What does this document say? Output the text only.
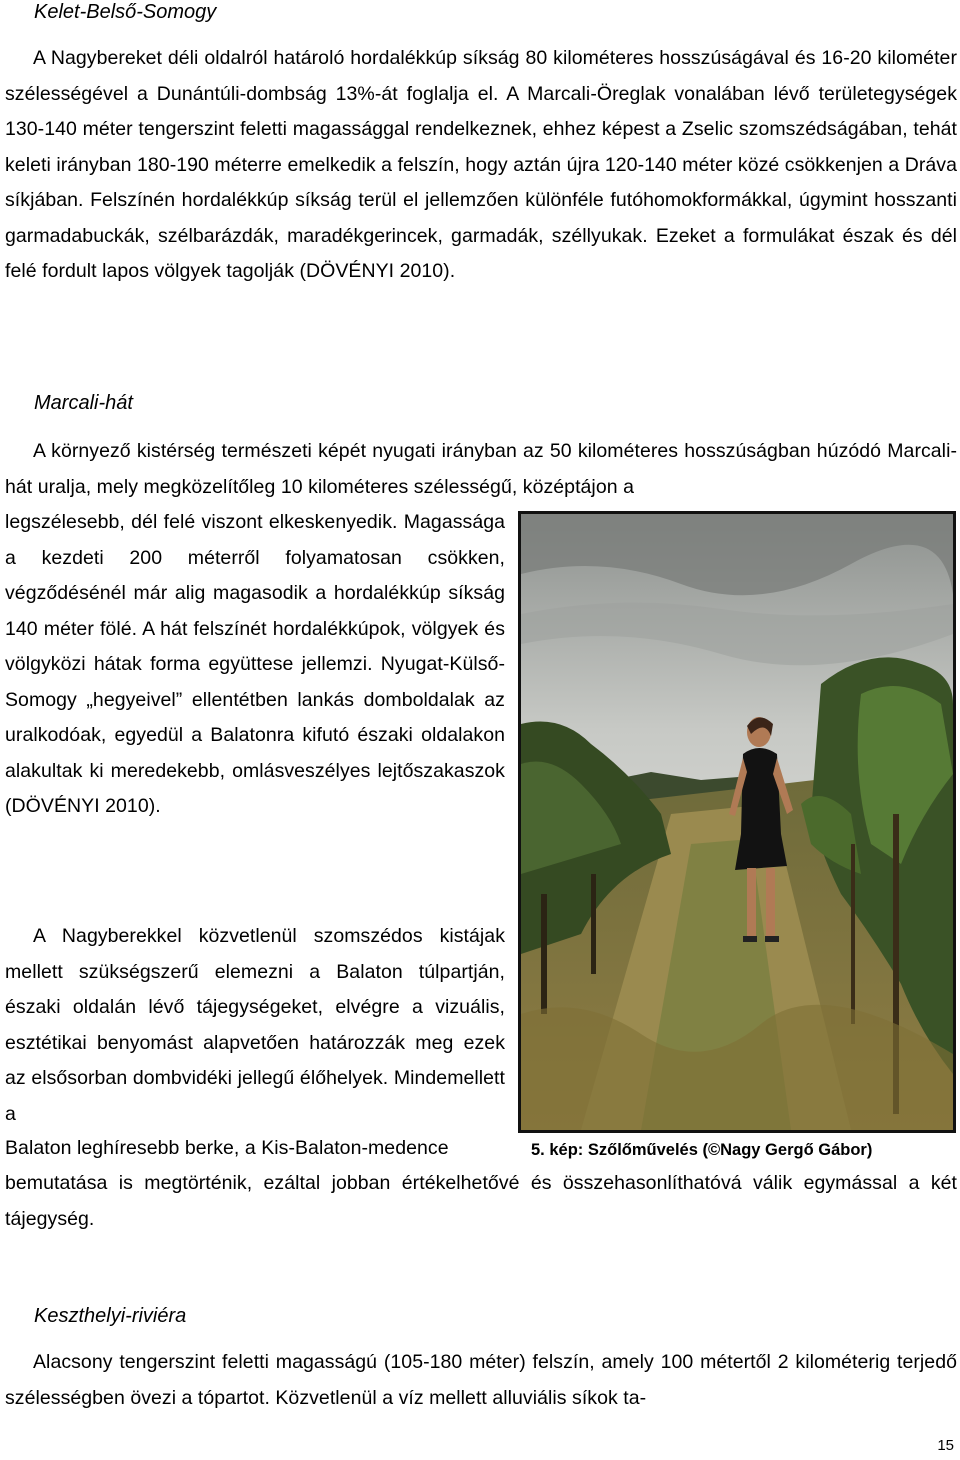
Kelet-Belső-Somogy

A Nagybereket déli oldalról határoló hordalékkúp síkság 80 kilométeres hosszúságával és 16-20 kilométer szélességével a Dunántúli-dombság 13%-át foglalja el. A Marcali-Öreglak vonalában lévő területegységek 130-140 méter tengerszint feletti magassággal rendelkeznek, ehhez képest a Zselic szomszédságában, tehát keleti irányban 180-190 méterre emelkedik a felszín, hogy aztán újra 120-140 méter közé csökkenjen a Dráva síkjában. Felszínén hordalékkúp síkság terül el jellemzően különféle futóhomokformákkal, úgymint hosszanti garmadabuckák, szélbarázdák, maradékgerincek, garmadák, széllyukak. Ezeket a formulákat észak és dél felé fordult lapos völgyek tagolják (DÖVÉNYI 2010).

Marcali-hát

A környező kistérség természeti képét nyugati irányban az 50 kilométeres hosszúságban húzódó Marcali-hát uralja, mely megközelítőleg 10 kilométeres szélességű, középtájon a

legszélesebb, dél felé viszont elkeskenyedik. Magassága a kezdeti 200 méterről folyamatosan csökken, végződésénél már alig magasodik a hordalékkúp síkság 140 méter fölé. A hát felszínét hordalékkúpok, völgyek és völgyközi hátak forma együttese jellemzi. Nyugat-Külső-Somogy „hegyeivel” ellentétben lankás domboldalak az uralkodóak, egyedül a Balatonra kifutó északi oldalakon alakultak ki meredekebb, omlásveszélyes lejtőszakaszok (DÖVÉNYI 2010).

A Nagyberekkel közvetlenül szomszédos kistájak mellett szükségszerű elemezni a Balaton túlpartján, északi oldalán lévő tájegységeket, elvégre a vizuális, esztétikai benyomást alapvetően határozzák meg ezek az elsősorban dombvidéki jellegű élőhelyek. Mindemellett a

Balaton leghíresebb berke, a Kis-Balaton-medence

bemutatása is megtörténik, ezáltal jobban értékelhetővé és összehasonlíthatóvá válik egymással a két tájegység.

Keszthelyi-riviéra

Alacsony tengerszint feletti magasságú (105-180 méter) felszín, amely 100 métertől 2 kilométerig terjedő szélességben övezi a tópartot. Közvetlenül a víz mellett alluviális síkok ta-

5. kép: Szőlőművelés (©Nagy Gergő Gábor)
15
